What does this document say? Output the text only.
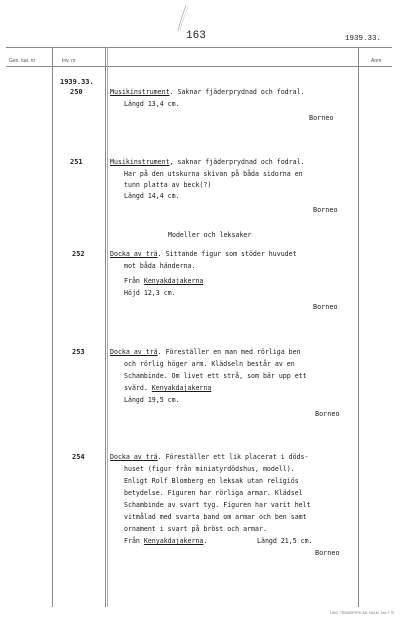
163	1939.33.
Gen. kat. nr	Inv. nr	Anm.
1939.33.
250	Musikinstrument. Saknar fjäderprydnad och fodral.
Längd 13,4 cm.
Borneo
251	Musikinstrument, saknar fjäderprydnad och fodral.
Har på den utskurna skivan på båda sidorna en
tunn platta av beck(?)
Längd 14,4 cm.
Borneo
Modeller och leksaker
252	Docka av trä. Sittande figur som stöder huvudet
mot båda händerna.
Från Kenyakdajakerna
Höjd 12,3 cm.
Borneo
253	Docka av trä. Föreställer en man med rörliga ben
och rörlig höger arm. Klädseln består av en
Schambinde. Om livet ett strå, som bär upp ett
svärd. Kenyakdajakerna
Längd 19,5 cm.
Borneo
254	Docka av trä. Föreställer ett lik placerat i döds-
huset (figur från miniatyrdödshus, modell).
Enligt Rolf Blomberg en leksak utan religiös
betydelse. Figuren har rörliga armar. Klädsel
Schambinde av svart tyg. Figuren har varit helt
vitmålad med svarta band om armar och ben samt
ornament i svart på bröst och armar.
Från Kenyakdajakerna.	Längd 21,5 cm.
Borneo
LIND. TRUMSPRTK AB. HALM. 444 9 70
